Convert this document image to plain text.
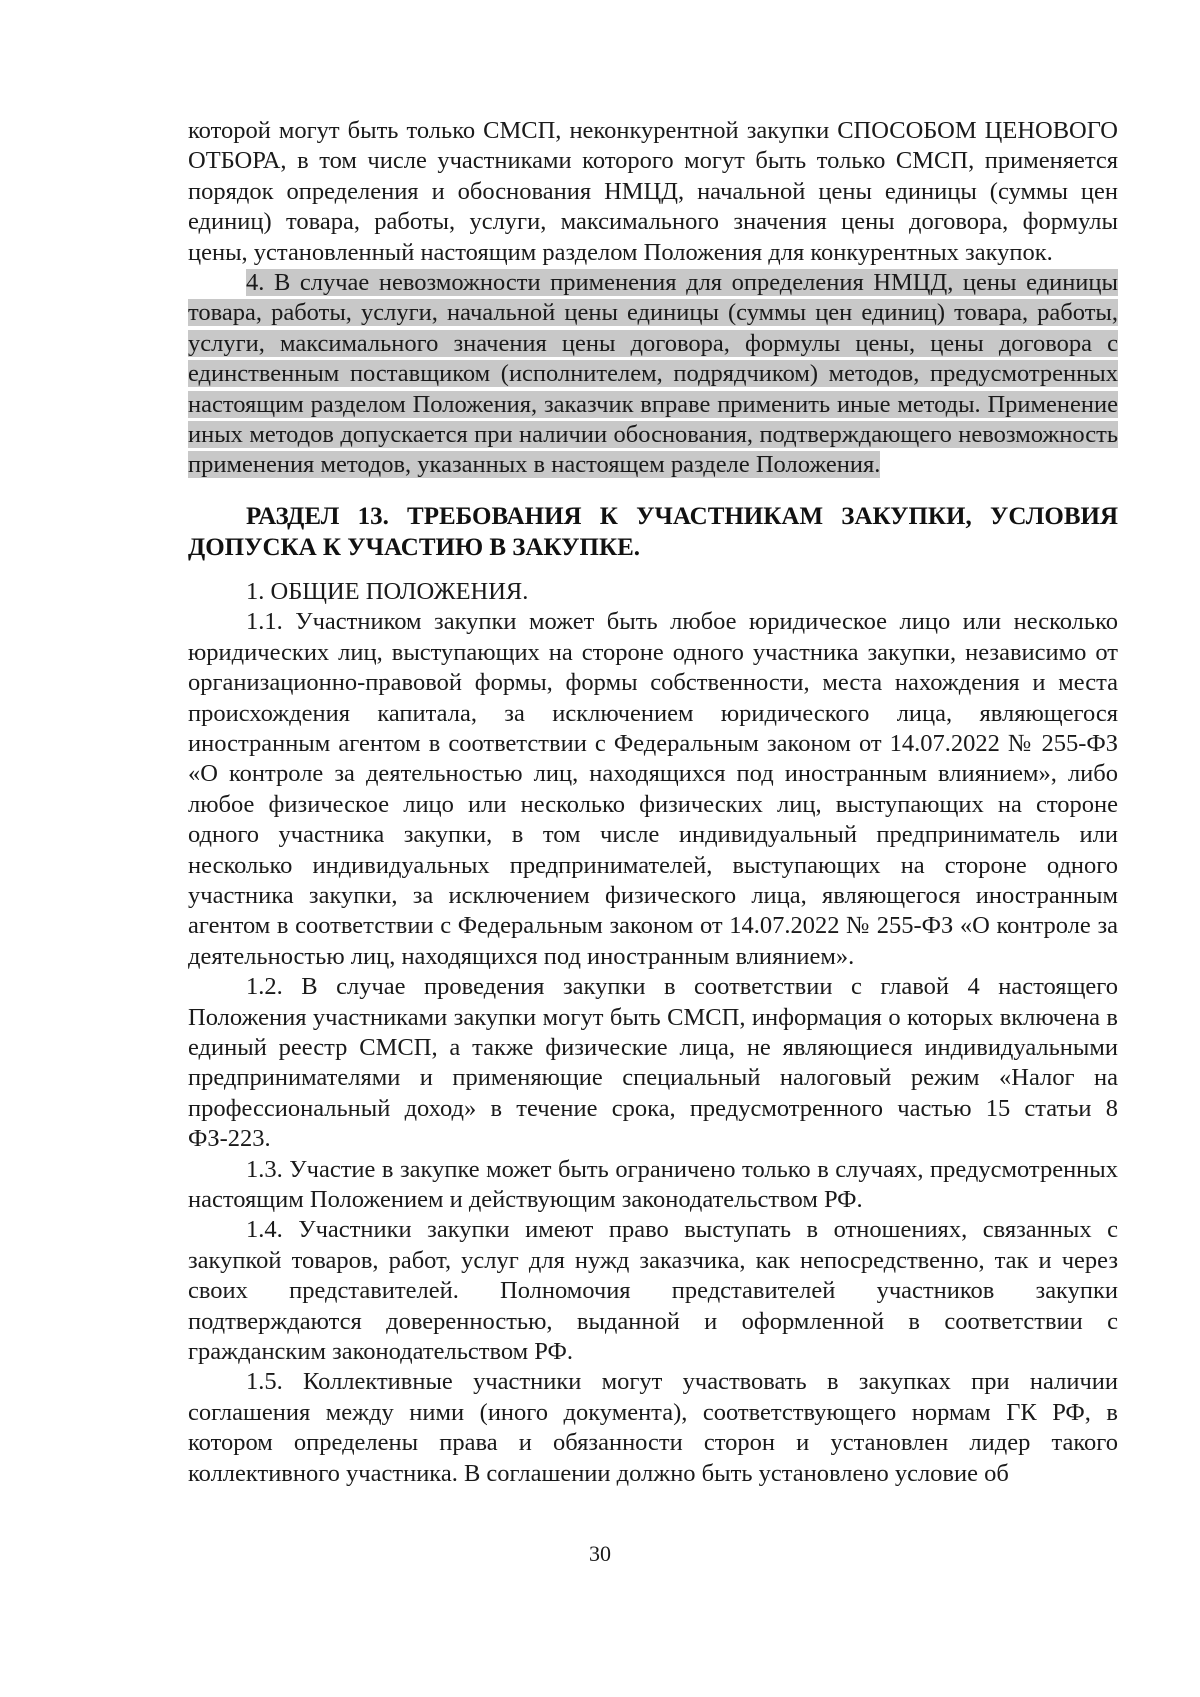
которой могут быть только СМСП, неконкурентной закупки СПОСОБОМ ЦЕНОВОГО ОТБОРА, в том числе участниками которого могут быть только СМСП, применяется порядок определения и обоснования НМЦД, начальной цены единицы (суммы цен единиц) товара, работы, услуги, максимального значения цены договора, формулы цены, установленный настоящим разделом Положения для конкурентных закупок.

4. В случае невозможности применения для определения НМЦД, цены единицы товара, работы, услуги, начальной цены единицы (суммы цен единиц) товара, работы, услуги, максимального значения цены договора, формулы цены, цены договора с единственным поставщиком (исполнителем, подрядчиком) методов, предусмотренных настоящим разделом Положения, заказчик вправе применить иные методы. Применение иных методов допускается при наличии обоснования, подтверждающего невозможность применения методов, указанных в настоящем разделе Положения.

РАЗДЕЛ 13. ТРЕБОВАНИЯ К УЧАСТНИКАМ ЗАКУПКИ, УСЛОВИЯ ДОПУСКА К УЧАСТИЮ В ЗАКУПКЕ.

1. ОБЩИЕ ПОЛОЖЕНИЯ.

1.1. Участником закупки может быть любое юридическое лицо или несколько юридических лиц, выступающих на стороне одного участника закупки, независимо от организационно-правовой формы, формы собственности, места нахождения и места происхождения капитала, за исключением юридического лица, являющегося иностранным агентом в соответствии с Федеральным законом от 14.07.2022 № 255-ФЗ «О контроле за деятельностью лиц, находящихся под иностранным влиянием», либо любое физическое лицо или несколько физических лиц, выступающих на стороне одного участника закупки, в том числе индивидуальный предприниматель или несколько индивидуальных предпринимателей, выступающих на стороне одного участника закупки, за исключением физического лица, являющегося иностранным агентом в соответствии с Федеральным законом от 14.07.2022 № 255-ФЗ «О контроле за деятельностью лиц, находящихся под иностранным влиянием».

1.2. В случае проведения закупки в соответствии с главой 4 настоящего Положения участниками закупки могут быть СМСП, информация о которых включена в единый реестр СМСП, а также физические лица, не являющиеся индивидуальными предпринимателями и применяющие специальный налоговый режим «Налог на профессиональный доход» в течение срока, предусмотренного частью 15 статьи 8 ФЗ-223.

1.3. Участие в закупке может быть ограничено только в случаях, предусмотренных настоящим Положением и действующим законодательством РФ.

1.4. Участники закупки имеют право выступать в отношениях, связанных с закупкой товаров, работ, услуг для нужд заказчика, как непосредственно, так и через своих представителей. Полномочия представителей участников закупки подтверждаются доверенностью, выданной и оформленной в соответствии с гражданским законодательством РФ.

1.5. Коллективные участники могут участвовать в закупках при наличии соглашения между ними (иного документа), соответствующего нормам ГК РФ, в котором определены права и обязанности сторон и установлен лидер такого коллективного участника. В соглашении должно быть установлено условие об

30
